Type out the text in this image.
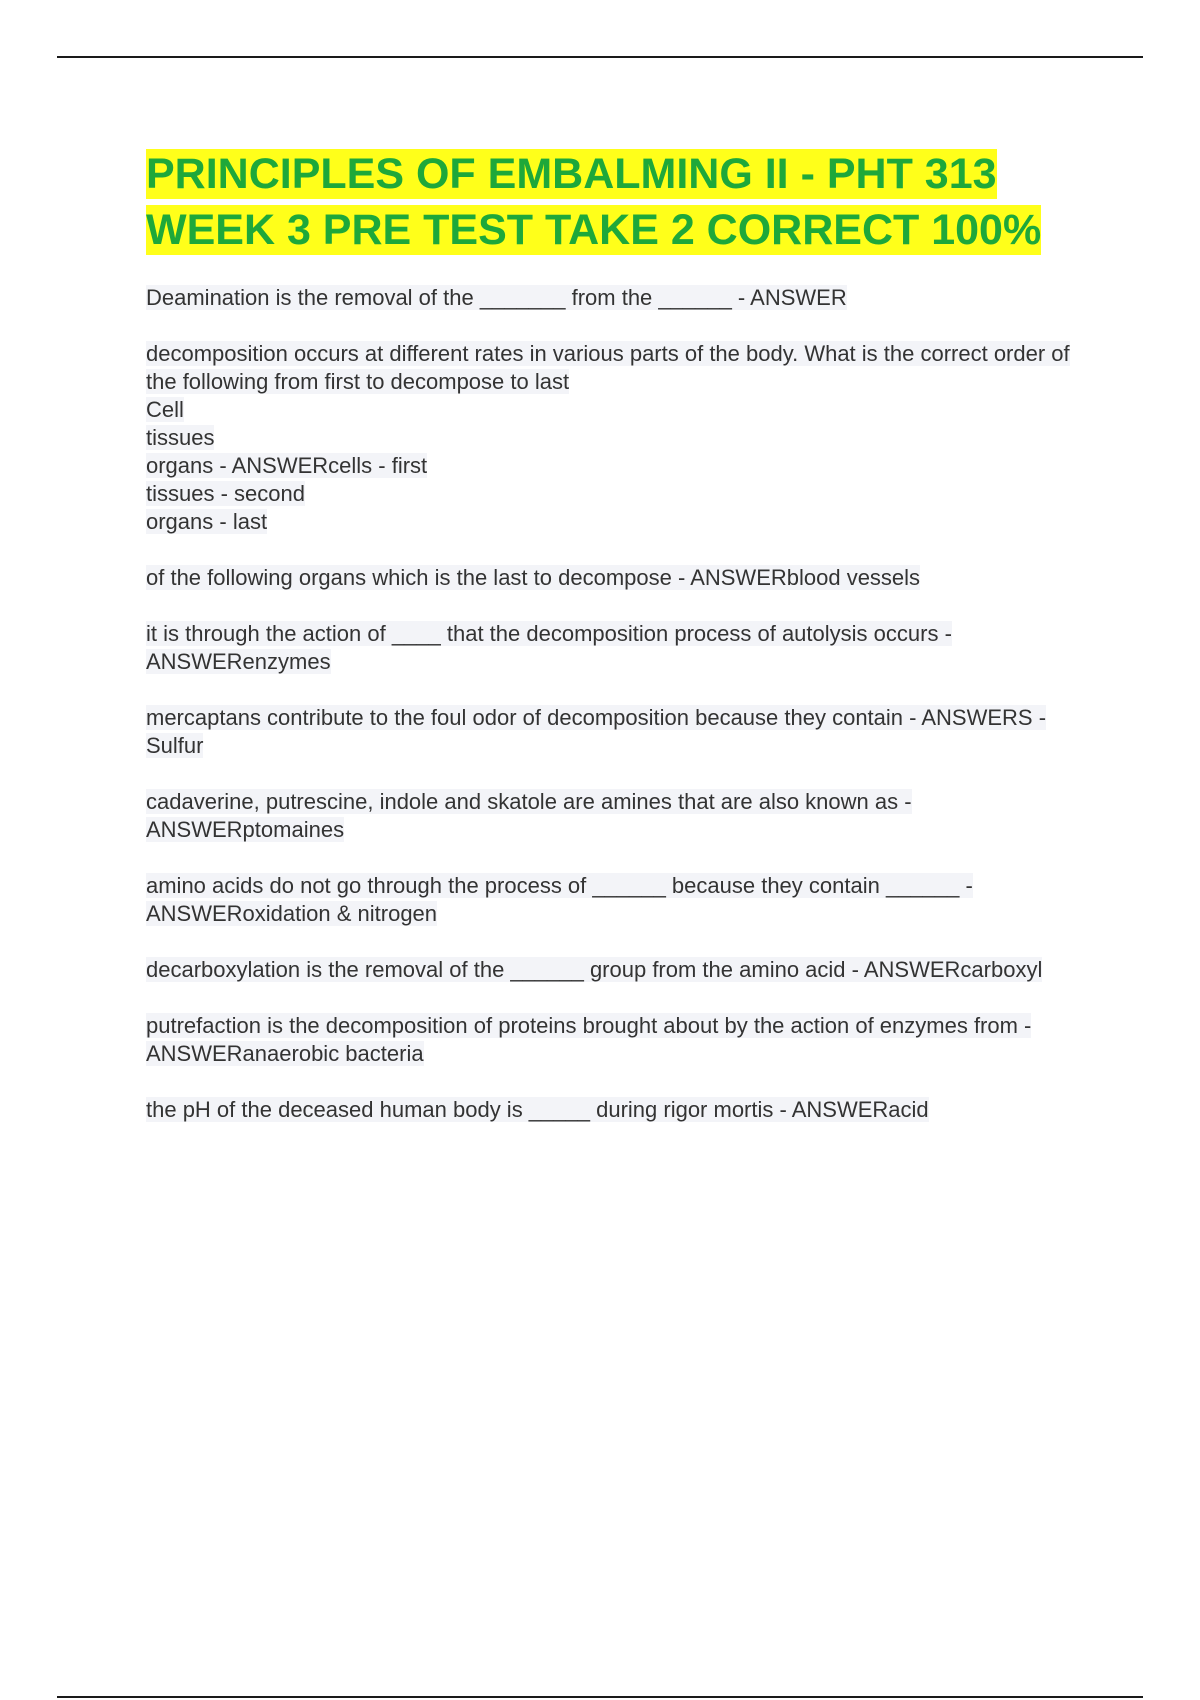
PRINCIPLES OF EMBALMING II - PHT 313 WEEK 3 PRE TEST TAKE 2 CORRECT 100%

Deamination is the removal of the _______ from the ______ - ANSWER

decomposition occurs at different rates in various parts of the body. What is the correct order of the following from first to decompose to last
Cell
tissues
organs - ANSWERcells - first
tissues - second
organs - last

of the following organs which is the last to decompose - ANSWERblood vessels

it is through the action of ____ that the decomposition process of autolysis occurs - ANSWERenzymes

mercaptans contribute to the foul odor of decomposition because they contain - ANSWERS - Sulfur

cadaverine, putrescine, indole and skatole are amines that are also known as - ANSWERptomaines

amino acids do not go through the process of ______ because they contain ______ - ANSWERoxidation & nitrogen

decarboxylation is the removal of the ______ group from the amino acid - ANSWERcarboxyl

putrefaction is the decomposition of proteins brought about by the action of enzymes from - ANSWERanaerobic bacteria

the pH of the deceased human body is _____ during rigor mortis - ANSWERacid
